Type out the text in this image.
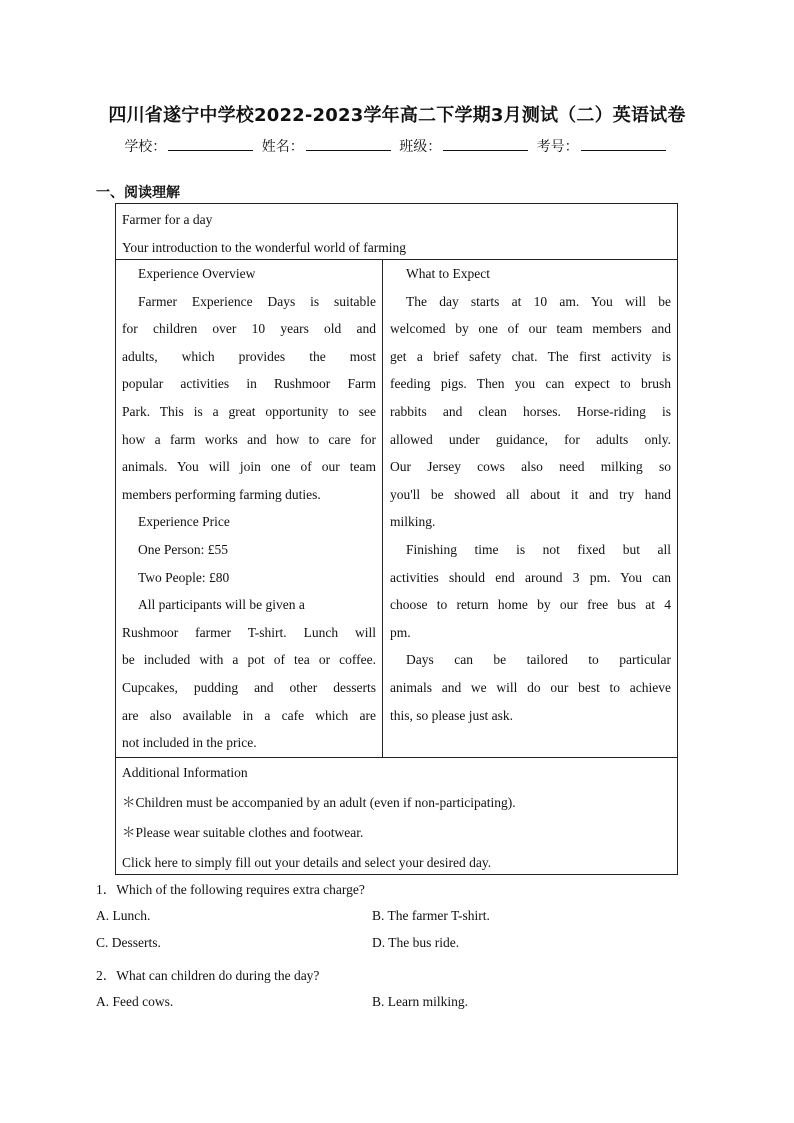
四川省遂宁中学校2022-2023学年高二下学期3月测试（二）英语试卷
学校：	姓名：	班级：	考号：
一、阅读理解
Farmer for a day
Your introduction to the wonderful world of farming
Experience Overview
Farmer Experience Days is suitable
for children over 10 years old and
adults, which provides the most
popular activities in Rushmoor Farm
Park. This is a great opportunity to see
how a farm works and how to care for
animals. You will join one of our team
members performing farming duties.
Experience Price
One Person: £55
Two People: £80
All participants will be given a
Rushmoor farmer T-shirt. Lunch will
be included with a pot of tea or coffee.
Cupcakes, pudding and other desserts
are also available in a cafe which are
not included in the price.
What to Expect
The day starts at 10 am. You will be
welcomed by one of our team members and
get a brief safety chat. The first activity is
feeding pigs. Then you can expect to brush
rabbits and clean horses. Horse-riding is
allowed under guidance, for adults only.
Our Jersey cows also need milking so
you'll be showed all about it and try hand
milking.
Finishing time is not fixed but all
activities should end around 3 pm. You can
choose to return home by our free bus at 4
pm.
Days can be tailored to particular
animals and we will do our best to achieve
this, so please just ask.
Additional Information
＊Children must be accompanied by an adult (even if non-participating).
＊Please wear suitable clothes and footwear.
Click here to simply fill out your details and select your desired day.
1．Which of the following requires extra charge?
A. Lunch.	B. The farmer T-shirt.
C. Desserts.	D. The bus ride.
2．What can children do during the day?
A. Feed cows.	B. Learn milking.
